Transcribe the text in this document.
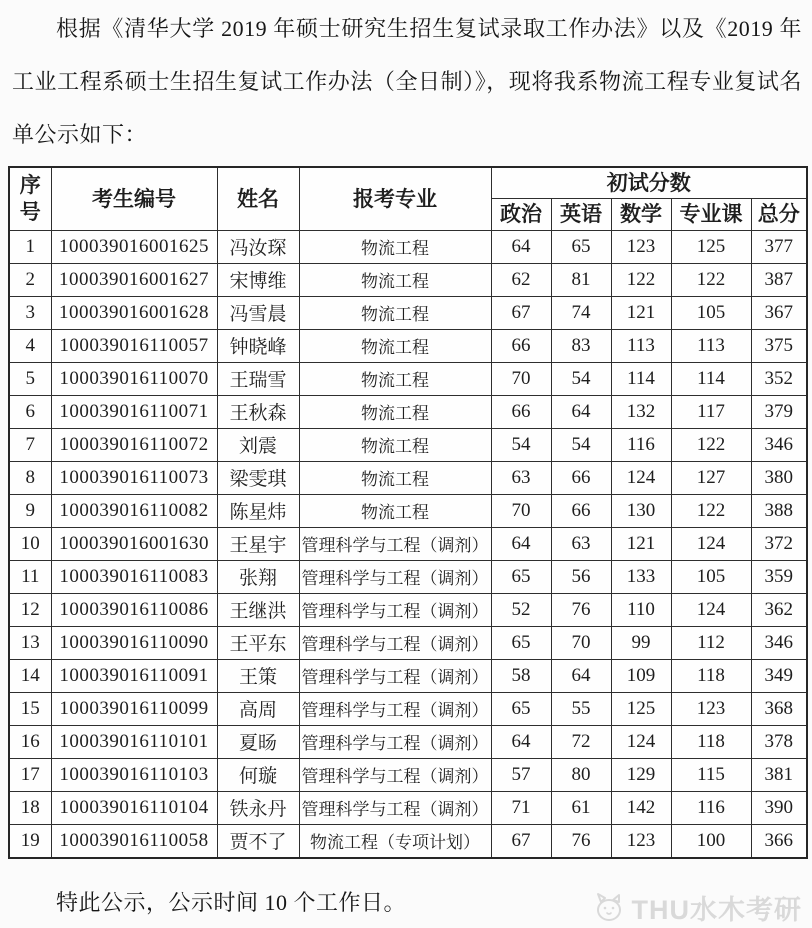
根据《清华大学 2019 年硕士研究生招生复试录取工作办法》以及《2019 年工业工程系硕士生招生复试工作办法（全日制）》，现将我系物流工程专业复试名单公示如下：

序号	考生编号	姓名	报考专业	初试分数				
				政治	英语	数学	专业课	总分
1	100039016001625	冯汝琛	物流工程	64	65	123	125	377
2	100039016001627	宋博维	物流工程	62	81	122	122	387
3	100039016001628	冯雪晨	物流工程	67	74	121	105	367
4	100039016110057	钟晓峰	物流工程	66	83	113	113	375
5	100039016110070	王瑞雪	物流工程	70	54	114	114	352
6	100039016110071	王秋森	物流工程	66	64	132	117	379
7	100039016110072	刘震	物流工程	54	54	116	122	346
8	100039016110073	梁雯琪	物流工程	63	66	124	127	380
9	100039016110082	陈星炜	物流工程	70	66	130	122	388
10	100039016001630	王星宇	管理科学与工程（调剂）	64	63	121	124	372
11	100039016110083	张翔	管理科学与工程（调剂）	65	56	133	105	359
12	100039016110086	王继洪	管理科学与工程（调剂）	52	76	110	124	362
13	100039016110090	王平东	管理科学与工程（调剂）	65	70	99	112	346
14	100039016110091	王策	管理科学与工程（调剂）	58	64	109	118	349
15	100039016110099	高周	管理科学与工程（调剂）	65	55	125	123	368
16	100039016110101	夏旸	管理科学与工程（调剂）	64	72	124	118	378
17	100039016110103	何璇	管理科学与工程（调剂）	57	80	129	115	381
18	100039016110104	铁永丹	管理科学与工程（调剂）	71	61	142	116	390
19	100039016110058	贾不了	物流工程（专项计划）	67	76	123	100	366
THU水木考研

特此公示，公示时间 10 个工作日。
